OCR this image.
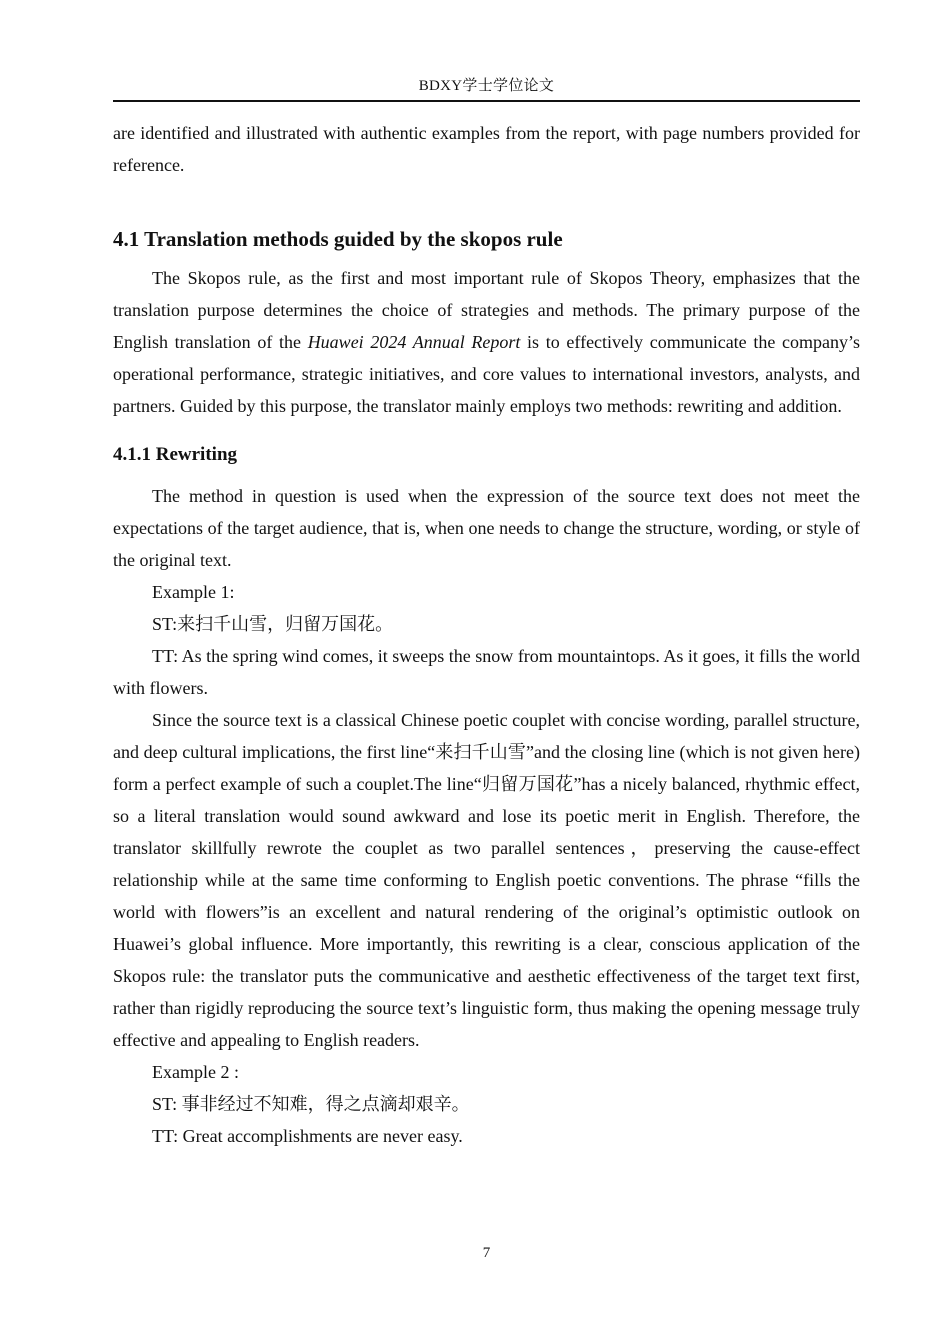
BDXY学士学位论文

are identified and illustrated with authentic examples from the report, with page numbers provided for reference.

4.1 Translation methods guided by the skopos rule

The Skopos rule, as the first and most important rule of Skopos Theory, emphasizes that the translation purpose determines the choice of strategies and methods. The primary purpose of the English translation of the Huawei 2024 Annual Report is to effectively communicate the company’s operational performance, strategic initiatives, and core values to international investors, analysts, and partners. Guided by this purpose, the translator mainly employs two methods: rewriting and addition.

4.1.1 Rewriting

The method in question is used when the expression of the source text does not meet the expectations of the target audience, that is, when one needs to change the structure, wording, or style of the original text.

Example 1:

ST:来扫千山雪，归留万国花。

TT: As the spring wind comes, it sweeps the snow from mountaintops. As it goes, it fills the world with flowers.

Since the source text is a classical Chinese poetic couplet with concise wording, parallel structure, and deep cultural implications, the first line“来扫千山雪”and the closing line (which is not given here) form a perfect example of such a couplet.The line“归留万国花”has a nicely balanced, rhythmic effect, so a literal translation would sound awkward and lose its poetic merit in English. Therefore, the translator skillfully rewrote the couplet as two parallel sentences，preserving the cause-effect relationship while at the same time conforming to English poetic conventions. The phrase “fills the world with flowers”is an excellent and natural rendering of the original’s optimistic outlook on Huawei’s global influence. More importantly, this rewriting is a clear, conscious application of the Skopos rule: the translator puts the communicative and aesthetic effectiveness of the target text first, rather than rigidly reproducing the source text’s linguistic form, thus making the opening message truly effective and appealing to English readers.

Example 2 :

ST: 事非经过不知难，得之点滴却艰辛。

TT: Great accomplishments are never easy.

7
